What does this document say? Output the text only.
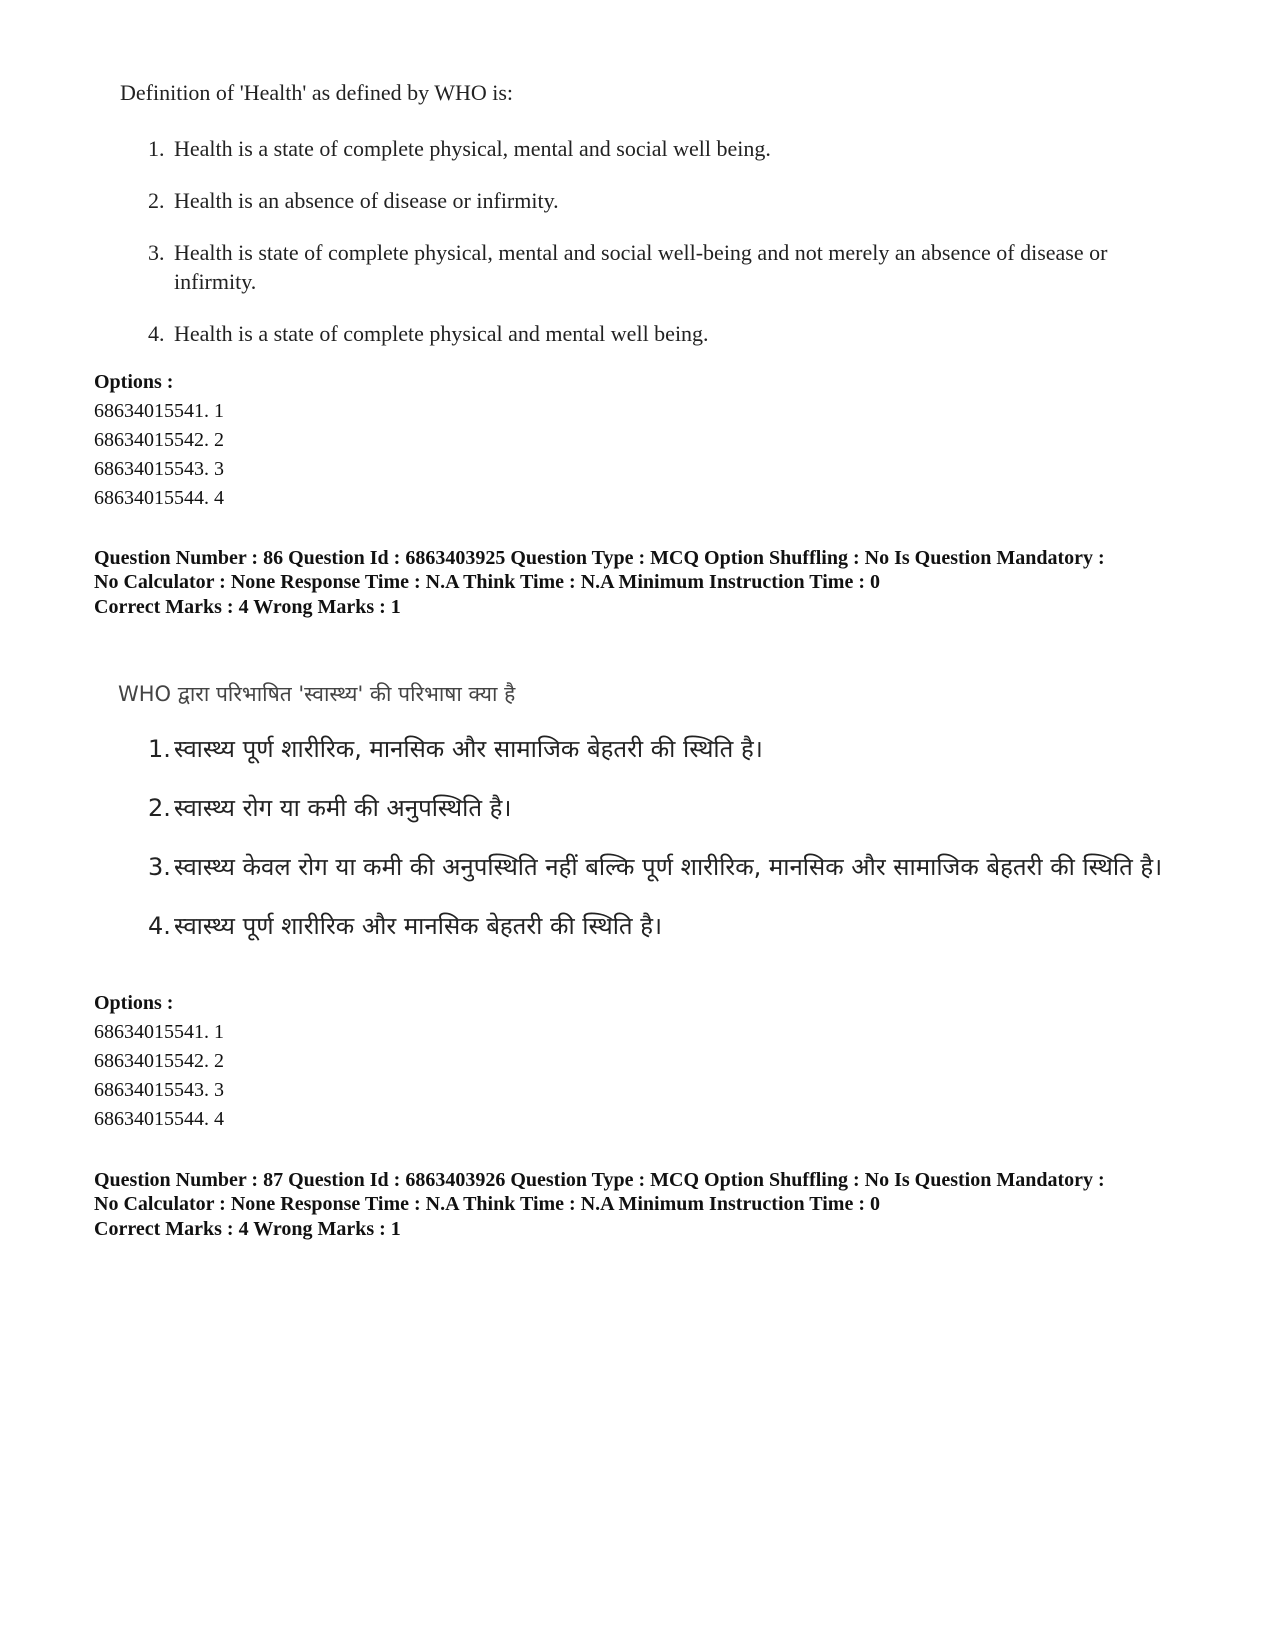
Definition of 'Health' as defined by WHO is:
1. Health is a state of complete physical, mental and social well being.
2. Health is an absence of disease or infirmity.
3. Health is state of complete physical, mental and social well-being and not merely an absence of disease or infirmity.
4. Health is a state of complete physical and mental well being.
Options :
68634015541. 1
68634015542. 2
68634015543. 3
68634015544. 4
Question Number : 86 Question Id : 6863403925 Question Type : MCQ Option Shuffling : No Is Question Mandatory :
No Calculator : None Response Time : N.A Think Time : N.A Minimum Instruction Time : 0
Correct Marks : 4 Wrong Marks : 1
WHO द्वारा परिभाषित 'स्वास्थ्य' की परिभाषा क्या है
1. स्वास्थ्य पूर्ण शारीरिक, मानसिक और सामाजिक बेहतरी की स्थिति है।
2. स्वास्थ्य रोग या कमी की अनुपस्थिति है।
3. स्वास्थ्य केवल रोग या कमी की अनुपस्थिति नहीं बल्कि पूर्ण शारीरिक, मानसिक और सामाजिक बेहतरी की स्थिति है।
4. स्वास्थ्य पूर्ण शारीरिक और मानसिक बेहतरी की स्थिति है।
Options :
68634015541. 1
68634015542. 2
68634015543. 3
68634015544. 4
Question Number : 87 Question Id : 6863403926 Question Type : MCQ Option Shuffling : No Is Question Mandatory :
No Calculator : None Response Time : N.A Think Time : N.A Minimum Instruction Time : 0
Correct Marks : 4 Wrong Marks : 1
